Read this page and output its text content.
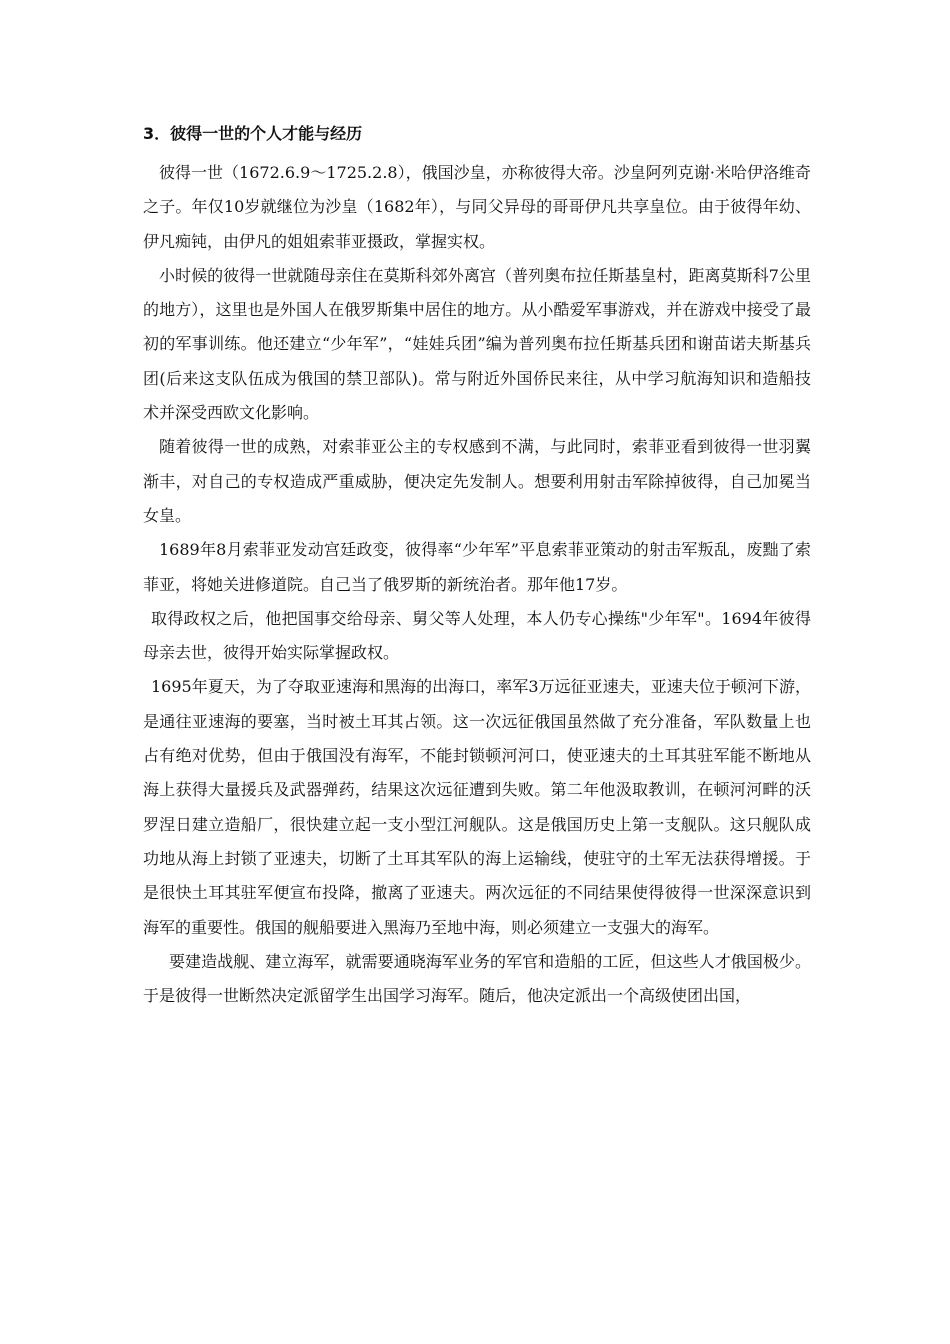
3．彼得一世的个人才能与经历

彼得一世（1672.6.9～1725.2.8），俄国沙皇，亦称彼得大帝。沙皇阿列克谢·米哈伊洛维奇之子。年仅10岁就继位为沙皇（1682年），与同父异母的哥哥伊凡共享皇位。由于彼得年幼、伊凡痴钝，由伊凡的姐姐索菲亚摄政，掌握实权。

小时候的彼得一世就随母亲住在莫斯科郊外离宫（普列奥布拉任斯基皇村，距离莫斯科7公里的地方），这里也是外国人在俄罗斯集中居住的地方。从小酷爱军事游戏，并在游戏中接受了最初的军事训练。他还建立“少年军”，“娃娃兵团”编为普列奥布拉任斯基兵团和谢苗诺夫斯基兵团(后来这支队伍成为俄国的禁卫部队)。常与附近外国侨民来往，从中学习航海知识和造船技术并深受西欧文化影响。

随着彼得一世的成熟，对索菲亚公主的专权感到不满，与此同时，索菲亚看到彼得一世羽翼渐丰，对自己的专权造成严重威胁，便决定先发制人。想要利用射击军除掉彼得，自己加冕当女皇。

1689年8月索菲亚发动宫廷政变，彼得率“少年军”平息索菲亚策动的射击军叛乱，废黜了索菲亚，将她关进修道院。自己当了俄罗斯的新统治者。那年他17岁。

取得政权之后，他把国事交给母亲、舅父等人处理，本人仍专心操练"少年军"。1694年彼得母亲去世，彼得开始实际掌握政权。

1695年夏天，为了夺取亚速海和黑海的出海口，率军3万远征亚速夫，亚速夫位于顿河下游，是通往亚速海的要塞，当时被土耳其占领。这一次远征俄国虽然做了充分准备，军队数量上也占有绝对优势，但由于俄国没有海军，不能封锁顿河河口，使亚速夫的土耳其驻军能不断地从海上获得大量援兵及武器弹药，结果这次远征遭到失败。第二年他汲取教训，在顿河河畔的沃罗涅日建立造船厂，很快建立起一支小型江河舰队。这是俄国历史上第一支舰队。这只舰队成功地从海上封锁了亚速夫，切断了土耳其军队的海上运输线，使驻守的土军无法获得增援。于是很快土耳其驻军便宣布投降，撤离了亚速夫。两次远征的不同结果使得彼得一世深深意识到海军的重要性。俄国的舰船要进入黑海乃至地中海，则必须建立一支强大的海军。

要建造战舰、建立海军，就需要通晓海军业务的军官和造船的工匠，但这些人才俄国极少。于是彼得一世断然决定派留学生出国学习海军。随后，他决定派出一个高级使团出国，
